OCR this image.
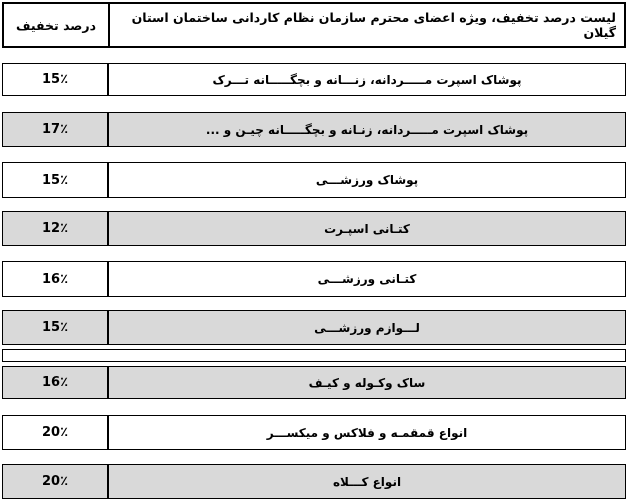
درصد تخفیف	لیست درصد تخفیف، ویژه اعضای محترم سازمان نظام کاردانی ساختمان استان گیلان
15٪	پوشاک اسپرت مـــــردانه، زنـــانه و بچگـــــانه تـــرک
17٪	پوشاک اسپرت مـــــردانه، زنـانه و بچگـــــانه چیـن و ...
15٪	پوشاک ورزشـــی
12٪	کتـانی اسپـرت
16٪	کتـانی ورزشـــی
15٪	لـــوازم ورزشـــی
16٪	ساک وکـوله و کیـف
20٪	انواع قمقمـه و فلاکس و میکســـر
20٪	انواع کـــلاه
